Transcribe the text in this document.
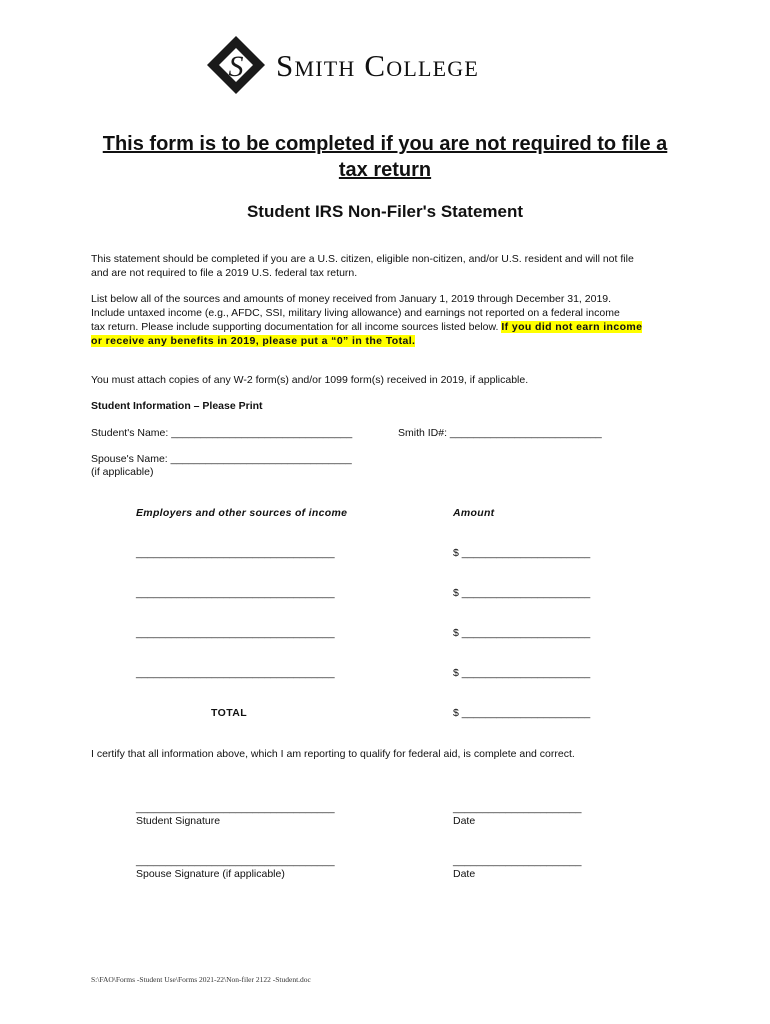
S Smith College
This form is to be completed if you are not required to file a
tax return
Student IRS Non-Filer's Statement
This statement should be completed if you are a U.S. citizen, eligible non-citizen, and/or U.S. resident and will not file
and are not required to file a 2019 U.S. federal tax return.
List below all of the sources and amounts of money received from January 1, 2019 through December 31, 2019.
Include untaxed income (e.g., AFDC, SSI, military living allowance) and earnings not reported on a federal income
tax return. Please include supporting documentation for all income sources listed below. If you did not earn income
or receive any benefits in 2019, please put a “0” in the Total.
You must attach copies of any W-2 form(s) and/or 1099 form(s) received in 2019, if applicable.
Student Information – Please Print
Student's Name: _______________________________	Smith ID#: __________________________
Spouse's Name: _______________________________
(if applicable)
Employers and other sources of income	Amount
__________________________________	$ ______________________
__________________________________	$ ______________________
__________________________________	$ ______________________
__________________________________	$ ______________________
TOTAL	$ ______________________
I certify that all information above, which I am reporting to qualify for federal aid, is complete and correct.
__________________________________	______________________
Student Signature	Date
__________________________________	______________________
Spouse Signature (if applicable)	Date
S:\FAO\Forms -Student Use\Forms 2021-22\Non-filer 2122 -Student.doc
